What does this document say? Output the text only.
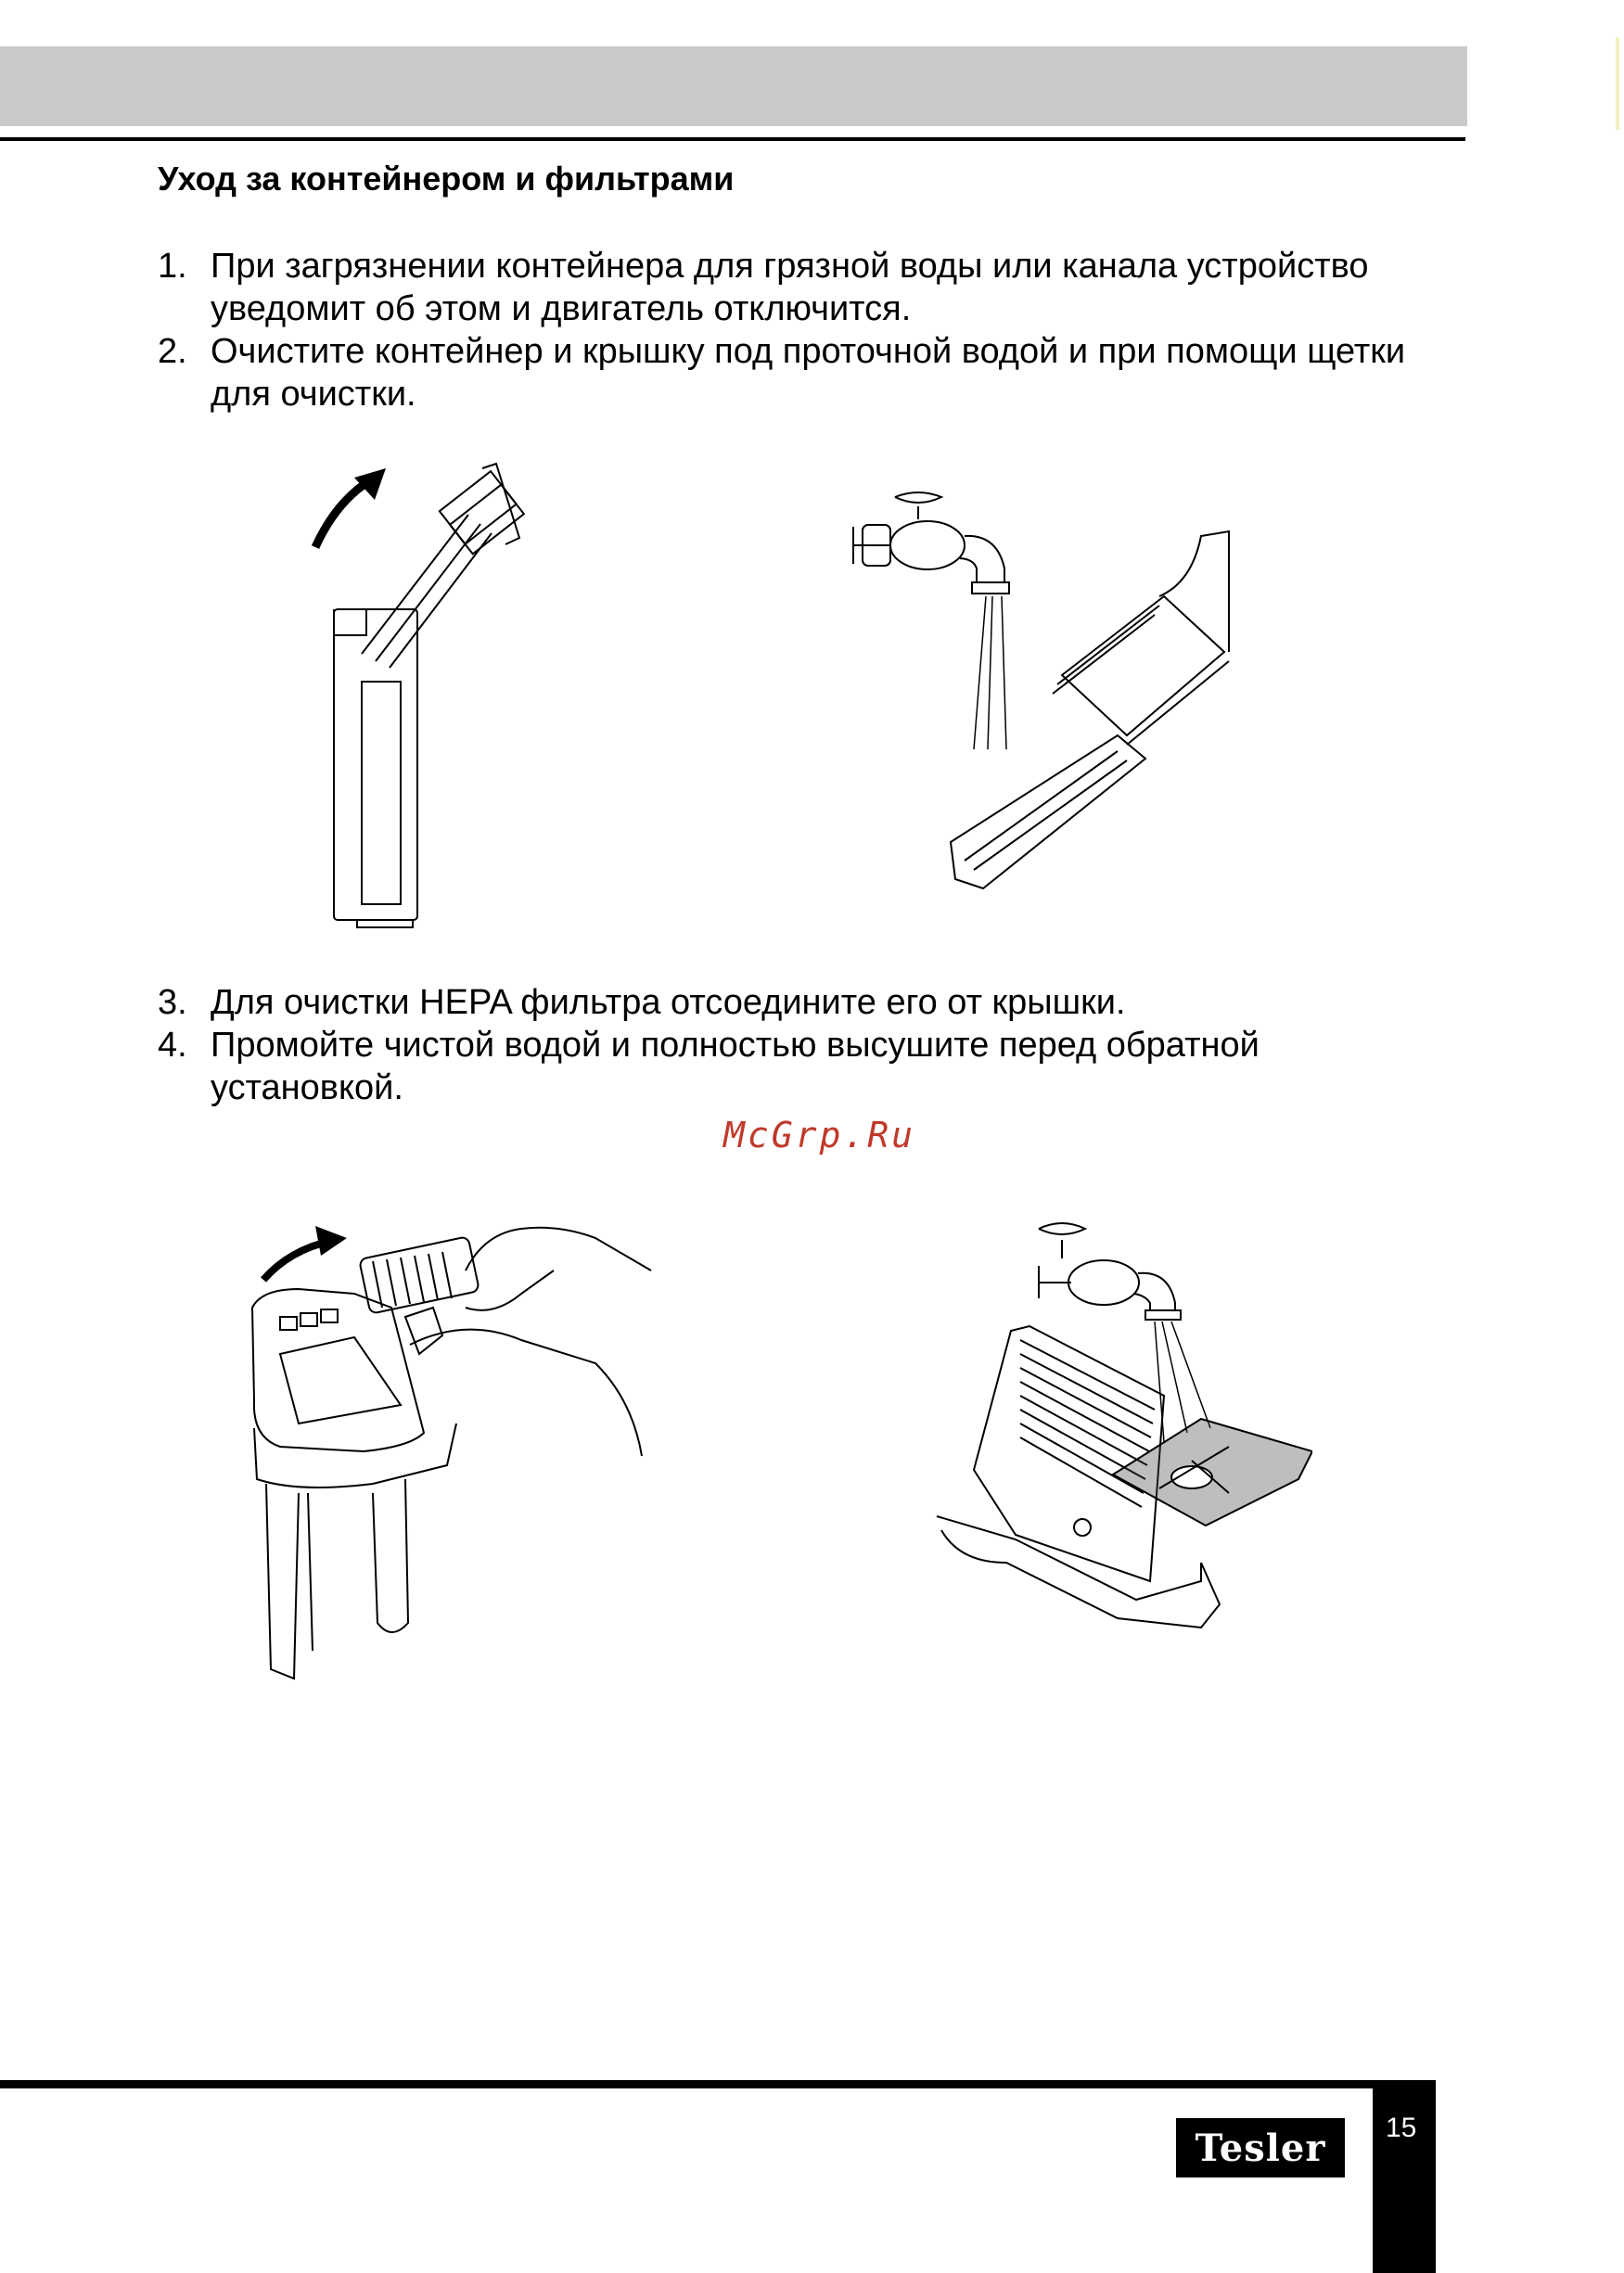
Уход за контейнером и фильтрами
1. При загрязнении контейнера для грязной воды или канала устройство уведомит об этом и двигатель отключится.
2. Очистите контейнер и крышку под проточной водой и при помощи щетки для очистки.
3. Для очистки HEPA фильтра отсоедините его от крышки.
4. Промойте чистой водой и полностью высушите перед обратной установкой.
McGrp.Ru
15
Tesler
